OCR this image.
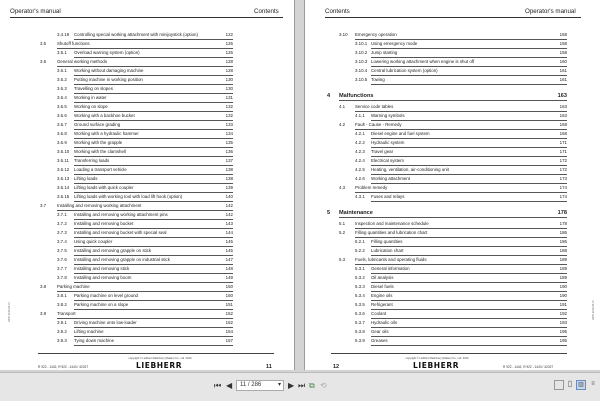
Operator's manual	Contents
3.4.19 Controlling special working attachment with minijoystick (option)	122
3.5 Shutoff functions	126
3.5.1 Overload warning system (option)	126
3.6 General working methods	128
3.6.1 Working without damaging machine	128
3.6.2 Putting machine in working position	130
3.6.3 Travelling on slopes	130
3.6.4 Working in water	131
3.6.5 Working on slope	132
3.6.6 Working with a backhoe bucket	132
3.6.7 Ground surface grading	133
3.6.8 Working with a hydraulic hammer	134
3.6.9 Working with the grapple	135
3.6.10 Working with the clamshell	136
3.6.11 Transferring loads	137
3.6.12 Loading a transport vehicle	138
3.6.13 Lifting loads	138
3.6.14 Lifting loads with quick coupler	139
3.6.15 Lifting loads with working tool with load lift hook (option)	140
3.7 Installing and removing working attachment	142
3.7.1 Installing and removing working attachment pins	142
3.7.2 Installing and removing bucket	143
3.7.3 Installing and removing bucket with special seal	144
3.7.4 Using quick coupler	145
3.7.5 Installing and removing grapple on stick	145
3.7.6 Installing and removing grapple on industrial stick	147
3.7.7 Installing and removing stick	148
3.7.8 Installing and removing boom	149
3.8 Parking machine	150
3.8.1 Parking machine on level ground	150
3.8.2 Parking machine on a slope	151
3.9 Transport	152
3.9.1 Driving machine onto low-loader	152
3.9.2 Lifting machine	154
3.9.3 Tying down machine	157
LWT/ 2019-05-07
copyright © Liebherr Machinery (Dalian) Co., Ltd. 2019
LIEBHERR
R 922 - 1442, R 922 - 1443 / 42027	11
Contents	Operator's manual
3.10 Emergency operation	158
3.10.1 Using emergency mode	158
3.10.2 Jump starting	158
3.10.3 Lowering working attachment when engine is shut off	160
3.10.4 Central lubrication system (option)	161
3.10.5 Towing	161
4 Malfunctions	163
4.1 Service code tables	163
4.1.1 Warning symbols	163
4.2 Fault - Cause - Remedy	168
4.2.1 Diesel engine and fuel system	168
4.2.2 Hydraulic system	171
4.2.3 Travel gear	171
4.2.4 Electrical system	172
4.2.5 Heating, ventilation, air-conditioning unit	172
4.2.6 Working attachment	173
4.3 Problem remedy	174
4.3.1 Fuses and relays	174
5 Maintenance	178
5.1 Inspection and maintenance schedule	178
5.2 Filling quantities and lubrication chart	186
5.2.1 Filling quantities	186
5.2.2 Lubrication chart	188
5.3 Fuels, lubricants and operating fluids	189
5.3.1 General information	189
5.3.2 Oil analysis	189
5.3.3 Diesel fuels	190
5.3.4 Engine oils	190
5.3.5 Refrigerant	191
5.3.6 Coolant	192
5.3.7 Hydraulic oils	193
5.3.8 Gear oils	195
5.3.9 Greases	195
LWT/ 2019-05-07
copyright © Liebherr Machinery (Dalian) Co., Ltd. 2019
LIEBHERR	R 922 - 1442, R 922 - 1443 / 42027
12
⏮ ◀	11 / 286	▾ ▶ ⏭ ⧉ ⟲	▯ ▥	≡
